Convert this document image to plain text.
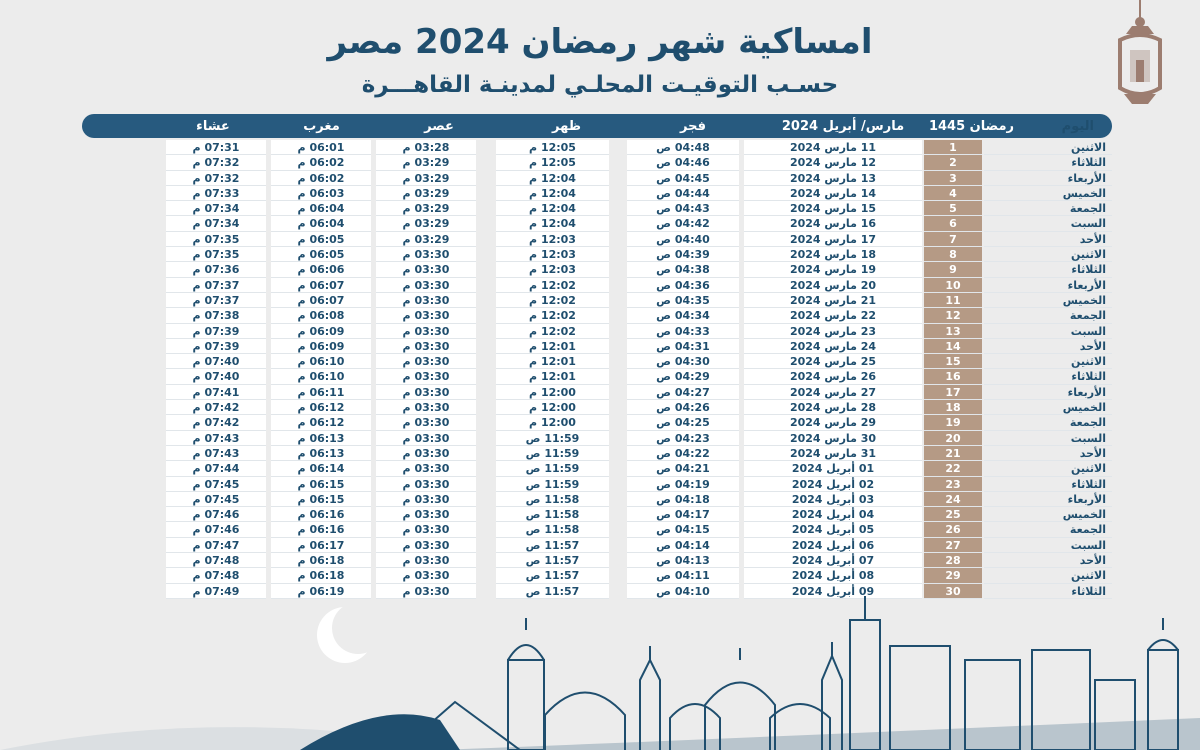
امساكية شهر رمضان 2024 مصر
حسـب التوقيـت المحلـي لمدينـة القاهـــرة
اليوم
رمضان 1445
مارس/ أبريل 2024
فجر
ظهر
عصر
مغرب
عشاء
الاثنين
1
11 مارس 2024
04:48 ص
12:05 م
03:28 م
06:01 م
07:31 م
الثلاثاء
2
12 مارس 2024
04:46 ص
12:05 م
03:29 م
06:02 م
07:32 م
الأربعاء
3
13 مارس 2024
04:45 ص
12:04 م
03:29 م
06:02 م
07:32 م
الخميس
4
14 مارس 2024
04:44 ص
12:04 م
03:29 م
06:03 م
07:33 م
الجمعة
5
15 مارس 2024
04:43 ص
12:04 م
03:29 م
06:04 م
07:34 م
السبت
6
16 مارس 2024
04:42 ص
12:04 م
03:29 م
06:04 م
07:34 م
الأحد
7
17 مارس 2024
04:40 ص
12:03 م
03:29 م
06:05 م
07:35 م
الاثنين
8
18 مارس 2024
04:39 ص
12:03 م
03:30 م
06:05 م
07:35 م
الثلاثاء
9
19 مارس 2024
04:38 ص
12:03 م
03:30 م
06:06 م
07:36 م
الأربعاء
10
20 مارس 2024
04:36 ص
12:02 م
03:30 م
06:07 م
07:37 م
الخميس
11
21 مارس 2024
04:35 ص
12:02 م
03:30 م
06:07 م
07:37 م
الجمعة
12
22 مارس 2024
04:34 ص
12:02 م
03:30 م
06:08 م
07:38 م
السبت
13
23 مارس 2024
04:33 ص
12:02 م
03:30 م
06:09 م
07:39 م
الأحد
14
24 مارس 2024
04:31 ص
12:01 م
03:30 م
06:09 م
07:39 م
الاثنين
15
25 مارس 2024
04:30 ص
12:01 م
03:30 م
06:10 م
07:40 م
الثلاثاء
16
26 مارس 2024
04:29 ص
12:01 م
03:30 م
06:10 م
07:40 م
الأربعاء
17
27 مارس 2024
04:27 ص
12:00 م
03:30 م
06:11 م
07:41 م
الخميس
18
28 مارس 2024
04:26 ص
12:00 م
03:30 م
06:12 م
07:42 م
الجمعة
19
29 مارس 2024
04:25 ص
12:00 م
03:30 م
06:12 م
07:42 م
السبت
20
30 مارس 2024
04:23 ص
11:59 ص
03:30 م
06:13 م
07:43 م
الأحد
21
31 مارس 2024
04:22 ص
11:59 ص
03:30 م
06:13 م
07:43 م
الاثنين
22
01 أبريل 2024
04:21 ص
11:59 ص
03:30 م
06:14 م
07:44 م
الثلاثاء
23
02 أبريل 2024
04:19 ص
11:59 ص
03:30 م
06:15 م
07:45 م
الأربعاء
24
03 أبريل 2024
04:18 ص
11:58 ص
03:30 م
06:15 م
07:45 م
الخميس
25
04 أبريل 2024
04:17 ص
11:58 ص
03:30 م
06:16 م
07:46 م
الجمعة
26
05 أبريل 2024
04:15 ص
11:58 ص
03:30 م
06:16 م
07:46 م
السبت
27
06 أبريل 2024
04:14 ص
11:57 ص
03:30 م
06:17 م
07:47 م
الأحد
28
07 أبريل 2024
04:13 ص
11:57 ص
03:30 م
06:18 م
07:48 م
الاثنين
29
08 أبريل 2024
04:11 ص
11:57 ص
03:30 م
06:18 م
07:48 م
الثلاثاء
30
09 أبريل 2024
04:10 ص
11:57 ص
03:30 م
06:19 م
07:49 م
